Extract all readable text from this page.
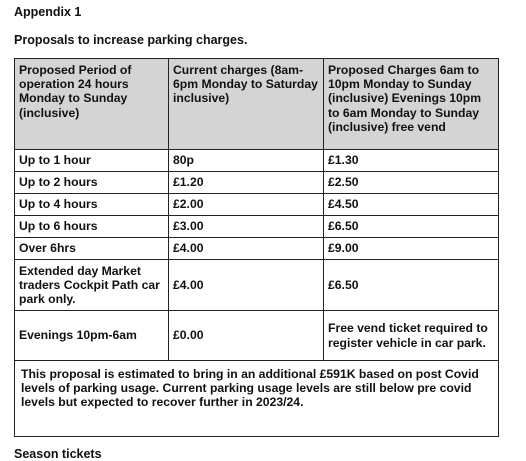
Appendix 1
Proposals to increase parking charges.
Proposed Period of operation 24 hours Monday to Sunday (inclusive)	Current charges (8am-6pm Monday to Saturday inclusive)	Proposed Charges 6am to 10pm Monday to Sunday (inclusive) Evenings 10pm to 6am Monday to Sunday (inclusive) free vend
Up to 1 hour	80p	£1.30
Up to 2 hours	£1.20	£2.50
Up to 4 hours	£2.00	£4.50
Up to 6 hours	£3.00	£6.50
Over 6hrs	£4.00	£9.00
Extended day Market traders Cockpit Path car park only.	£4.00	£6.50
Evenings 10pm-6am	£0.00	Free vend ticket required to register vehicle in car park.
This proposal is estimated to bring in an additional £591K based on post Covid levels of parking usage. Current parking usage levels are still below pre covid levels but expected to recover further in 2023/24.		
Season tickets
